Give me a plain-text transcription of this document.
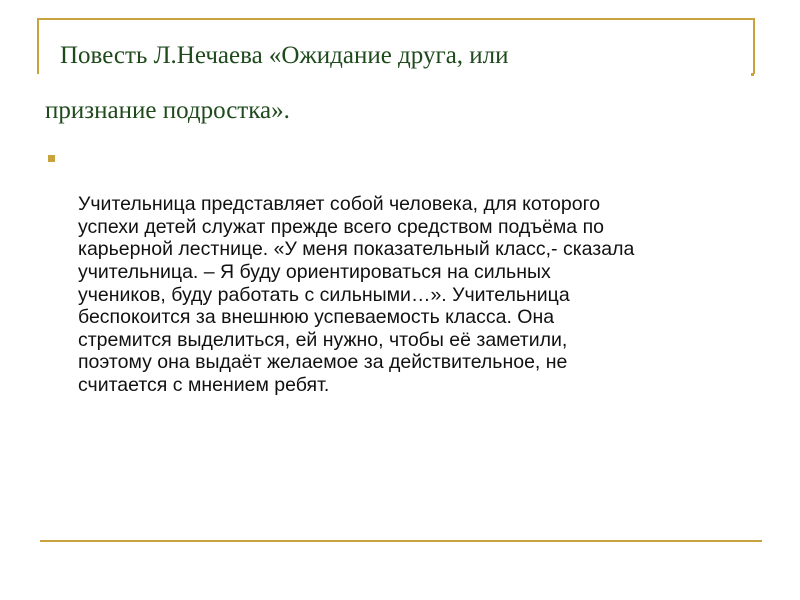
Повесть Л.Нечаева «Ожидание друга, или
признание подростка».

Учительница представляет собой человека, для которого
успехи детей служат прежде всего средством подъёма по
карьерной лестнице. «У меня показательный класс,- сказала
учительница. – Я буду ориентироваться на сильных
учеников, буду работать с сильными…». Учительница
беспокоится за внешнюю успеваемость класса. Она
стремится выделиться, ей нужно, чтобы её заметили,
поэтому она выдаёт желаемое за действительное, не
считается с мнением ребят.
